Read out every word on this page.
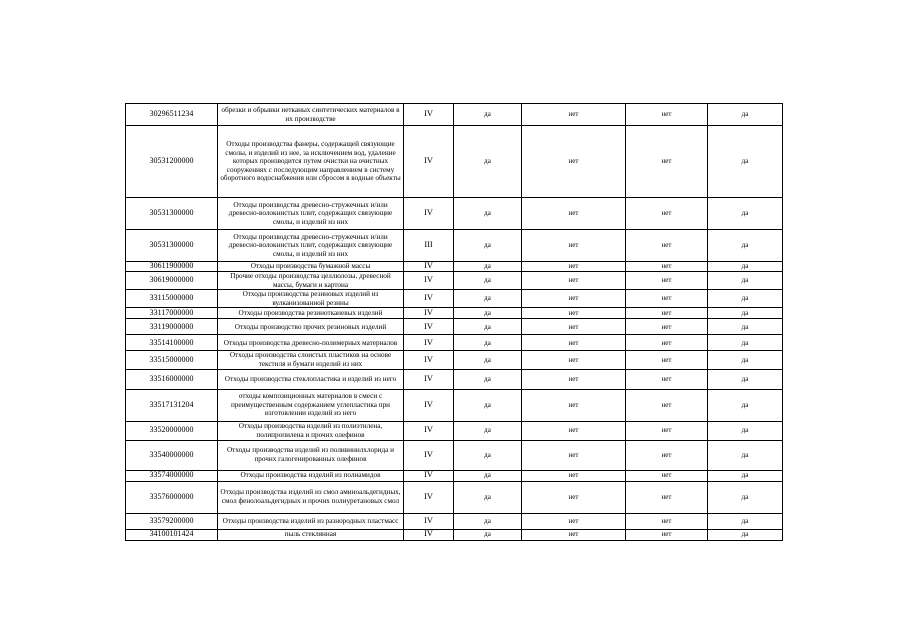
30296511234	обрезки и обрывки нетканых синтетических материалов в их производстве	IV	да	нет	нет	да
30531200000	Отходы производства фанеры, содержащей связующие смолы, и изделий из нее, за исключением вод, удаление которых производится путем очистки на очистных сооружениях с последующим направлением в систему оборотного водоснабжения или сбросом в водные объекты	IV	да	нет	нет	да
30531300000	Отходы производства древесно-стружечных и/или древесно-волокнистых плит, содержащих связующие смолы, и изделий из них	IV	да	нет	нет	да
30531300000	Отходы производства древесно-стружечных и/или древесно-волокнистых плит, содержащих связующие смолы, и изделий из них	III	да	нет	нет	да
30611900000	Отходы производства бумажной массы	IV	да	нет	нет	да
30619000000	Прочие отходы производства целлюлозы, древесной массы, бумаги и картона	IV	да	нет	нет	да
33115000000	Отходы производства резиновых изделий из вулканизованной резины	IV	да	нет	нет	да
33117000000	Отходы производства резинотканевых изделий	IV	да	нет	нет	да
33119000000	Отходы производство прочих резиновых изделий	IV	да	нет	нет	да
33514100000	Отходы производства древесно-полимерных материалов	IV	да	нет	нет	да
33515000000	Отходы производства слоистых пластиков на основе текстиля и бумаги изделий из них	IV	да	нет	нет	да
33516000000	Отходы производства стеклопластика и изделий из него	IV	да	нет	нет	да
33517131204	отходы композиционных материалов в смеси с преимущественным содержанием углепластика при изготовлении изделий из него	IV	да	нет	нет	да
33520000000	Отходы производства изделий из полиэтилена, полипропилена и прочих олефинов	IV	да	нет	нет	да
33540000000	Отходы производства изделий из поливинилхлорида и прочих галогенированных олефинов	IV	да	нет	нет	да
33574000000	Отходы производства изделий из полиамидов	IV	да	нет	нет	да
33576000000	Отходы производства изделий из смол аминоальдегидных, смол фенолоальдегидных и прочих полиуретановых смол	IV	да	нет	нет	да
33579200000	Отходы производства изделий из разнородных пластмасс	IV	да	нет	нет	да
34100101424	пыль стеклянная	IV	да	нет	нет	да
